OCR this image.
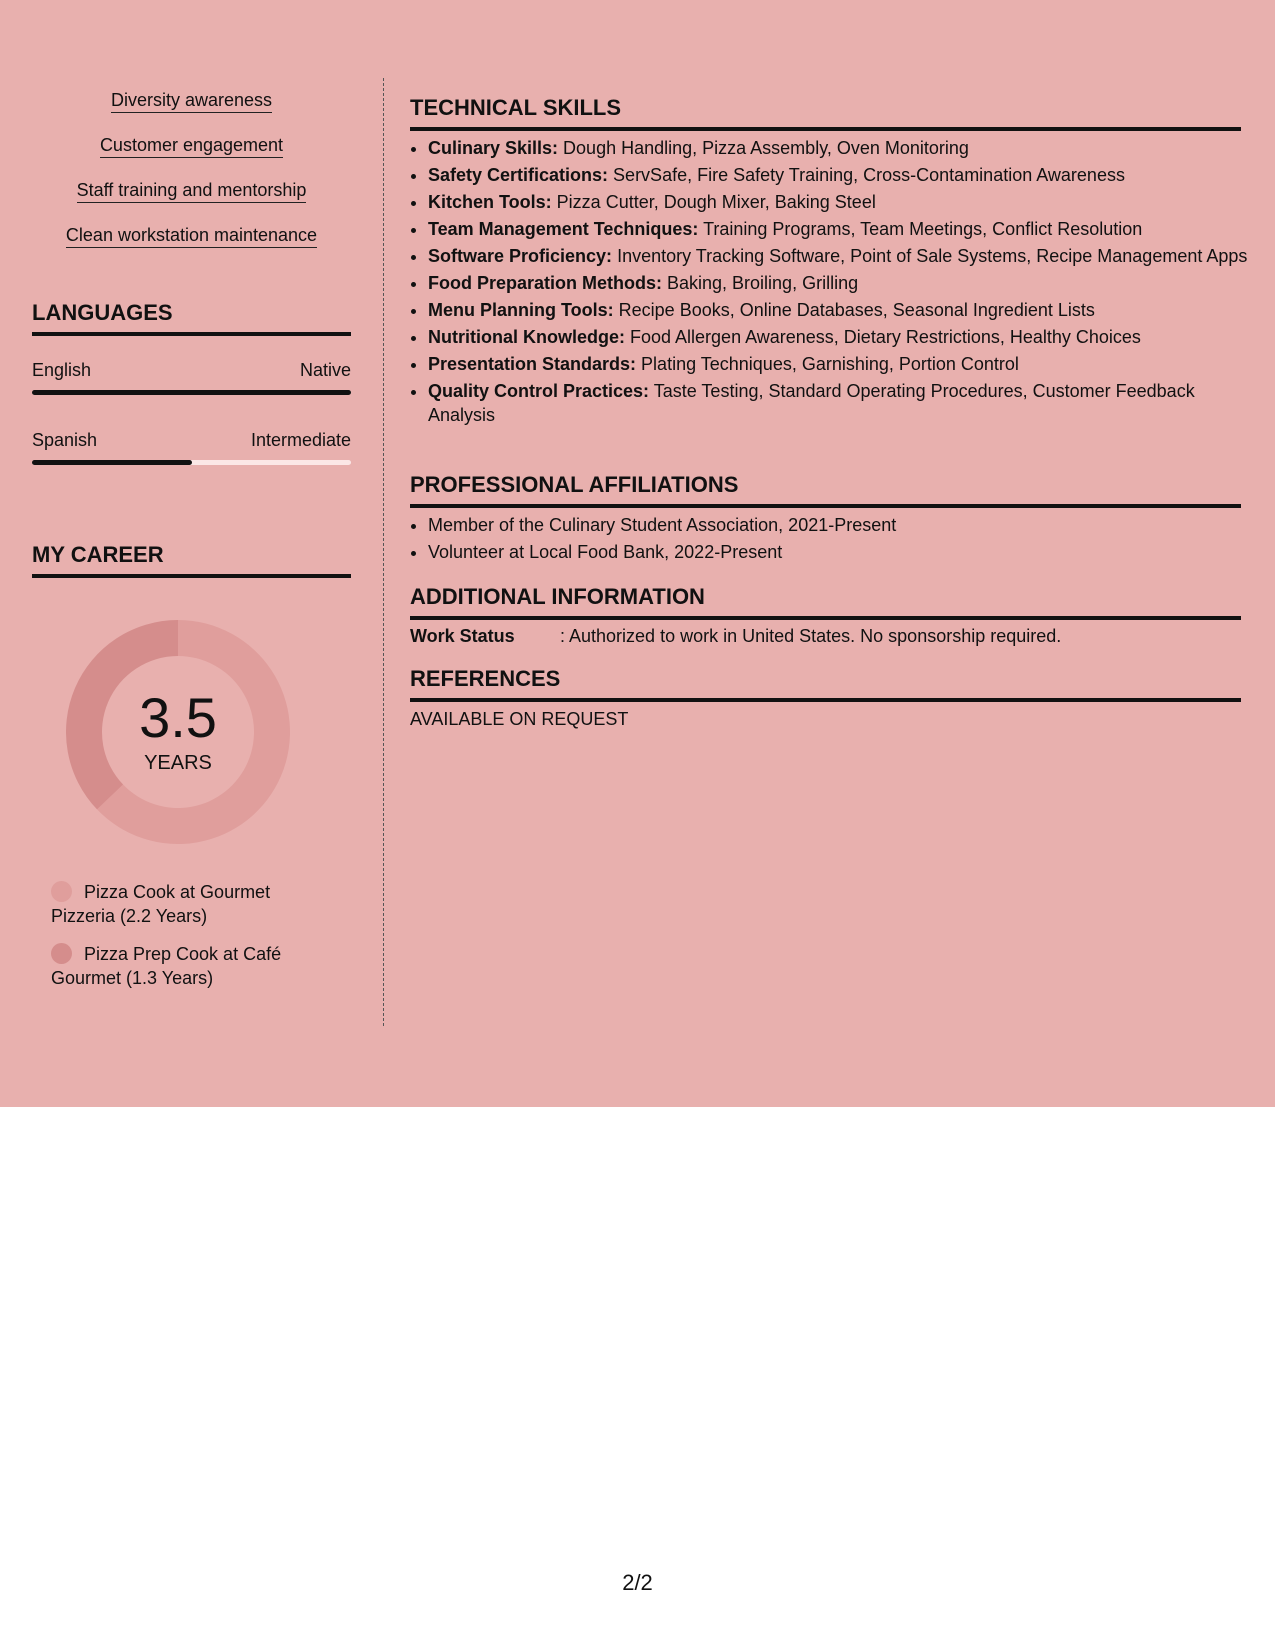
Diversity awareness
Customer engagement
Staff training and mentorship
Clean workstation maintenance
LANGUAGES
English	Native
Spanish	Intermediate
MY CAREER
3.5
YEARS
Pizza Cook at Gourmet Pizzeria (2.2 Years)
Pizza Prep Cook at Café Gourmet (1.3 Years)
TECHNICAL SKILLS
• Culinary Skills: Dough Handling, Pizza Assembly, Oven Monitoring
• Safety Certifications: ServSafe, Fire Safety Training, Cross-Contamination Awareness
• Kitchen Tools: Pizza Cutter, Dough Mixer, Baking Steel
• Team Management Techniques: Training Programs, Team Meetings, Conflict Resolution
• Software Proficiency: Inventory Tracking Software, Point of Sale Systems, Recipe Management Apps
• Food Preparation Methods: Baking, Broiling, Grilling
• Menu Planning Tools: Recipe Books, Online Databases, Seasonal Ingredient Lists
• Nutritional Knowledge: Food Allergen Awareness, Dietary Restrictions, Healthy Choices
• Presentation Standards: Plating Techniques, Garnishing, Portion Control
• Quality Control Practices: Taste Testing, Standard Operating Procedures, Customer Feedback Analysis
PROFESSIONAL AFFILIATIONS
• Member of the Culinary Student Association, 2021-Present
• Volunteer at Local Food Bank, 2022-Present
ADDITIONAL INFORMATION
Work Status	: Authorized to work in United States. No sponsorship required.
REFERENCES
AVAILABLE ON REQUEST
2/2
